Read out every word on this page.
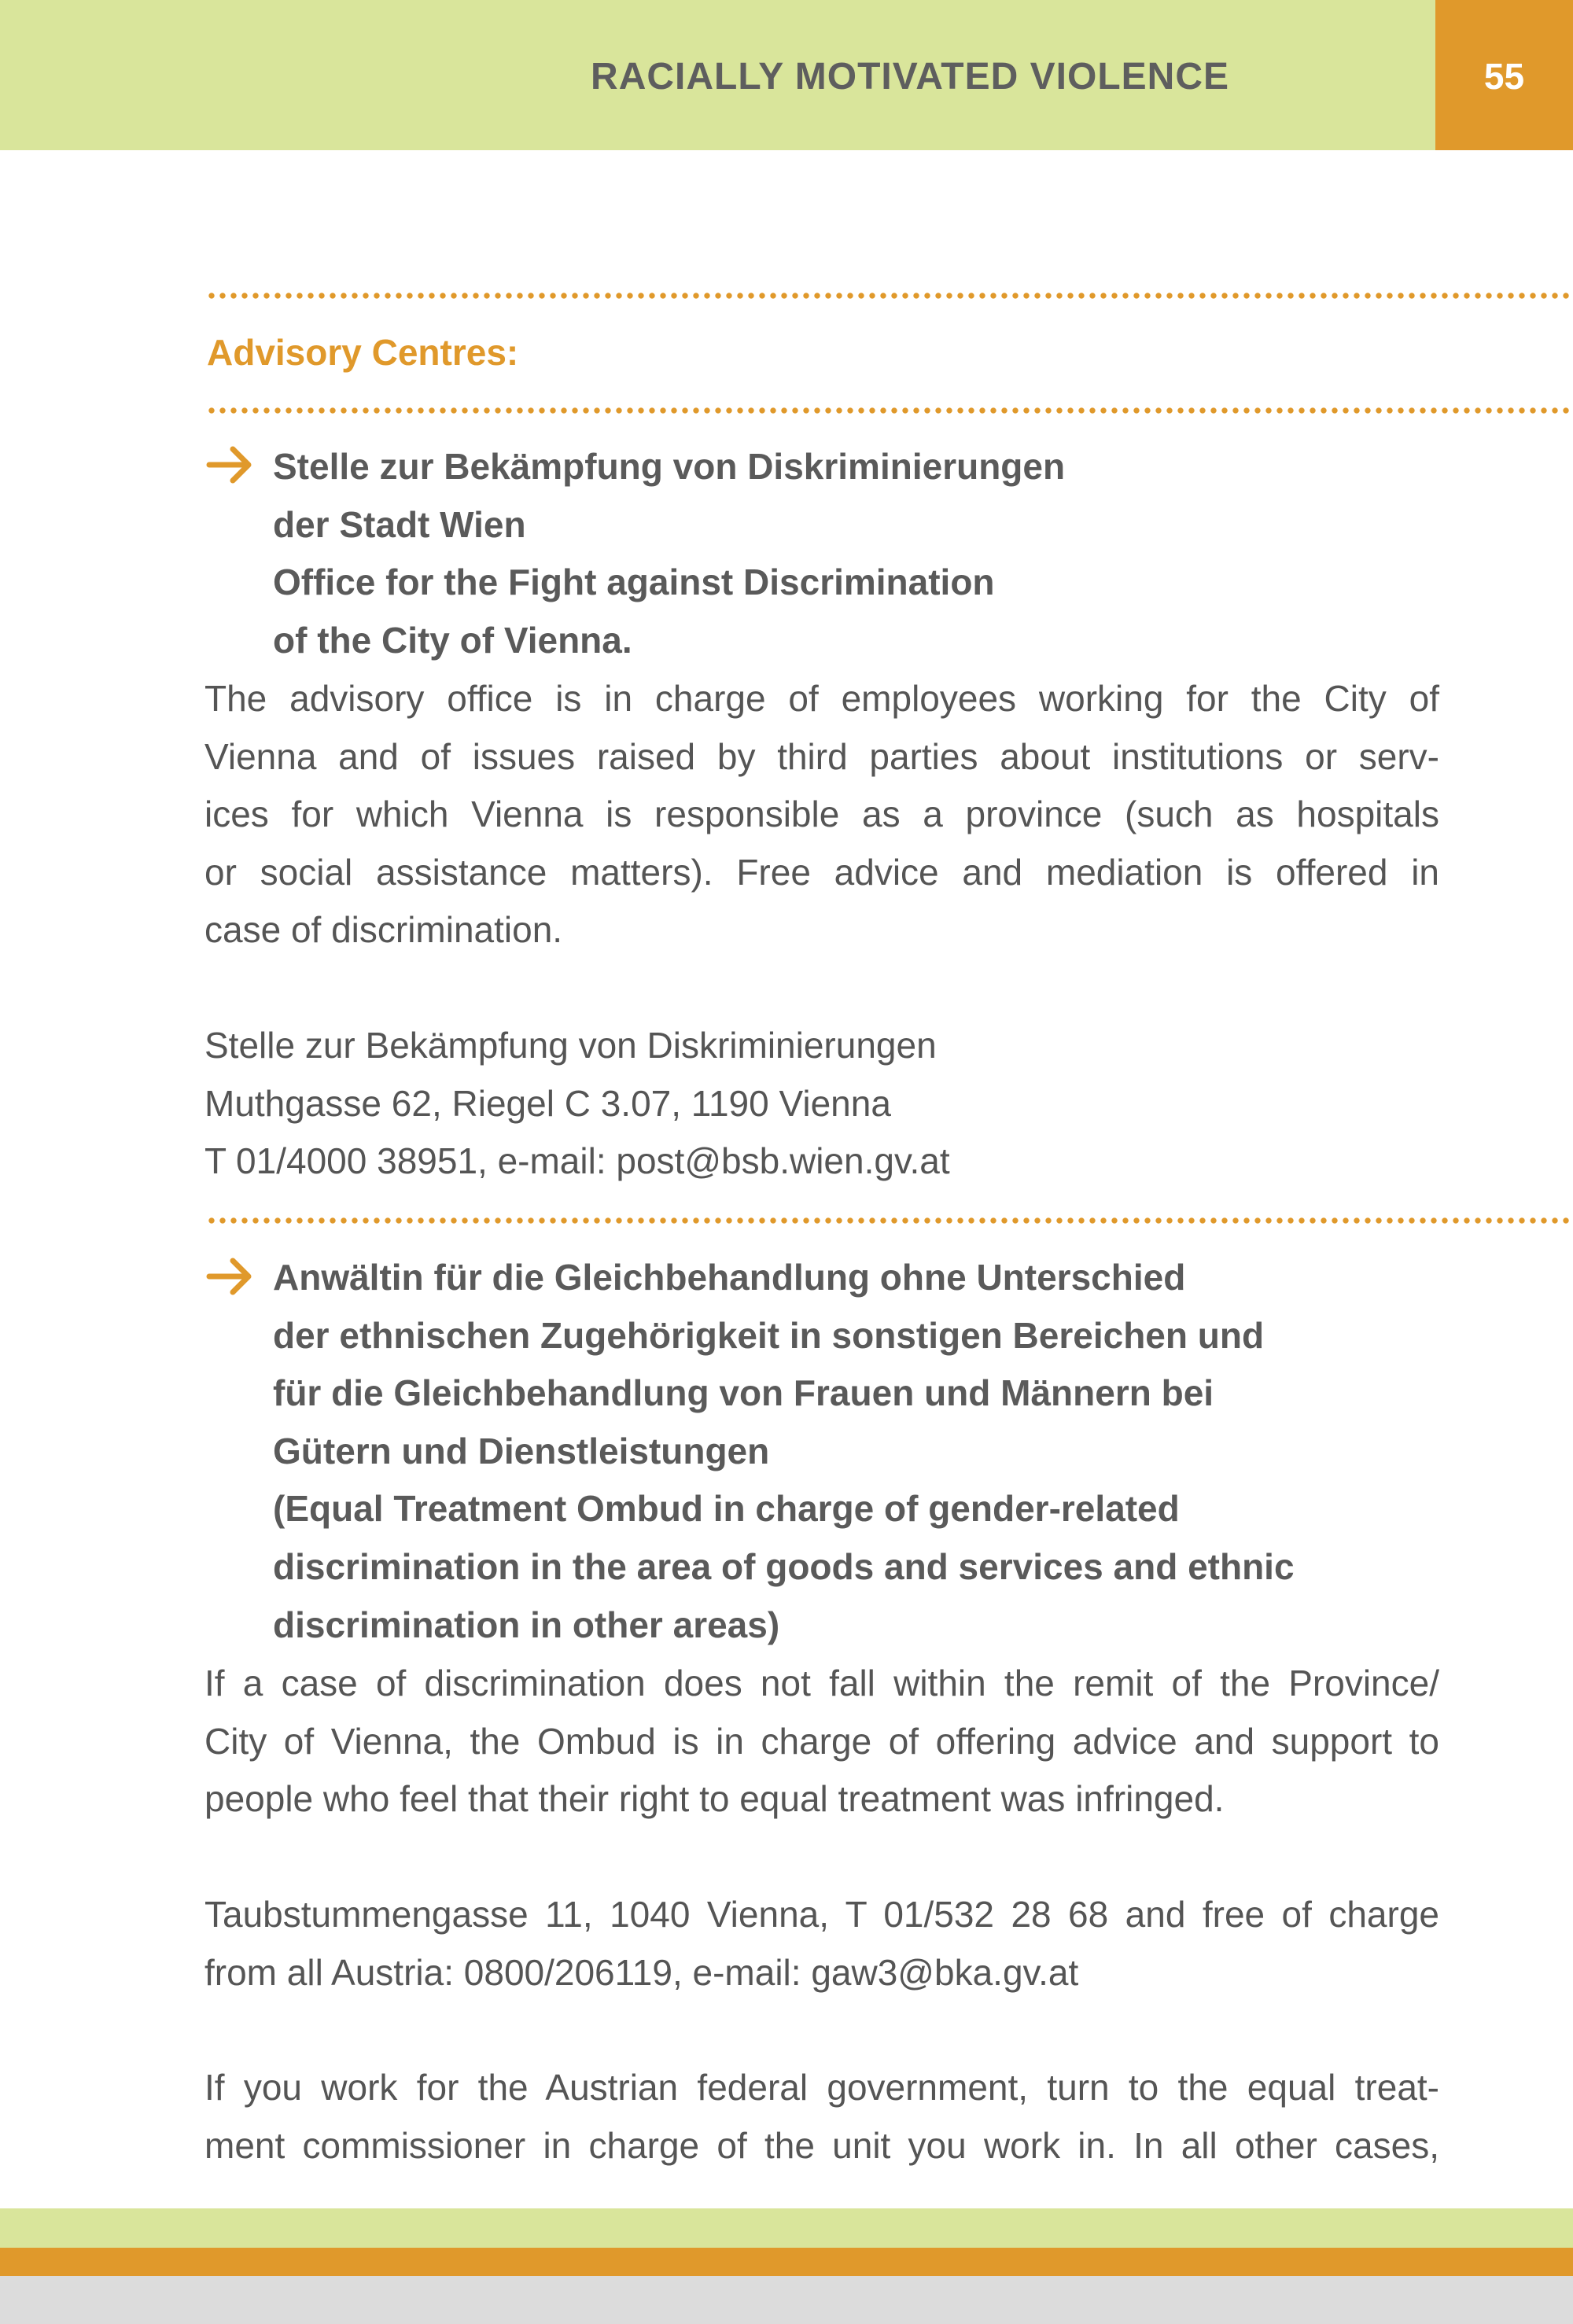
RACIALLY MOTIVATED VIOLENCE	55
Advisory Centres:
Stelle zur Bekämpfung von Diskriminierungen
der Stadt Wien
Office for the Fight against Discrimination
of the City of Vienna.
The advisory office is in charge of employees working for the City of
Vienna and of issues raised by third parties about institutions or serv-
ices for which Vienna is responsible as a province (such as hospitals
or social assistance matters). Free advice and mediation is offered in
case of discrimination.
Stelle zur Bekämpfung von Diskriminierungen
Muthgasse 62, Riegel C 3.07, 1190 Vienna
T 01/4000 38951, e-mail: post@bsb.wien.gv.at
Anwältin für die Gleichbehandlung ohne Unterschied
der ethnischen Zugehörigkeit in sonstigen Bereichen und
für die Gleichbehandlung von Frauen und Männern bei
Gütern und Dienstleistungen
(Equal Treatment Ombud in charge of gender-related
discrimination in the area of goods and services and ethnic
discrimination in other areas)
If a case of discrimination does not fall within the remit of the Province/
City of Vienna, the Ombud is in charge of offering advice and support to
people who feel that their right to equal treatment was infringed.
Taubstummengasse 11, 1040 Vienna, T 01/532 28 68 and free of charge
from all Austria: 0800/206119, e-mail: gaw3@bka.gv.at
If you work for the Austrian federal government, turn to the equal treat-
ment commissioner in charge of the unit you work in. In all other cases,
